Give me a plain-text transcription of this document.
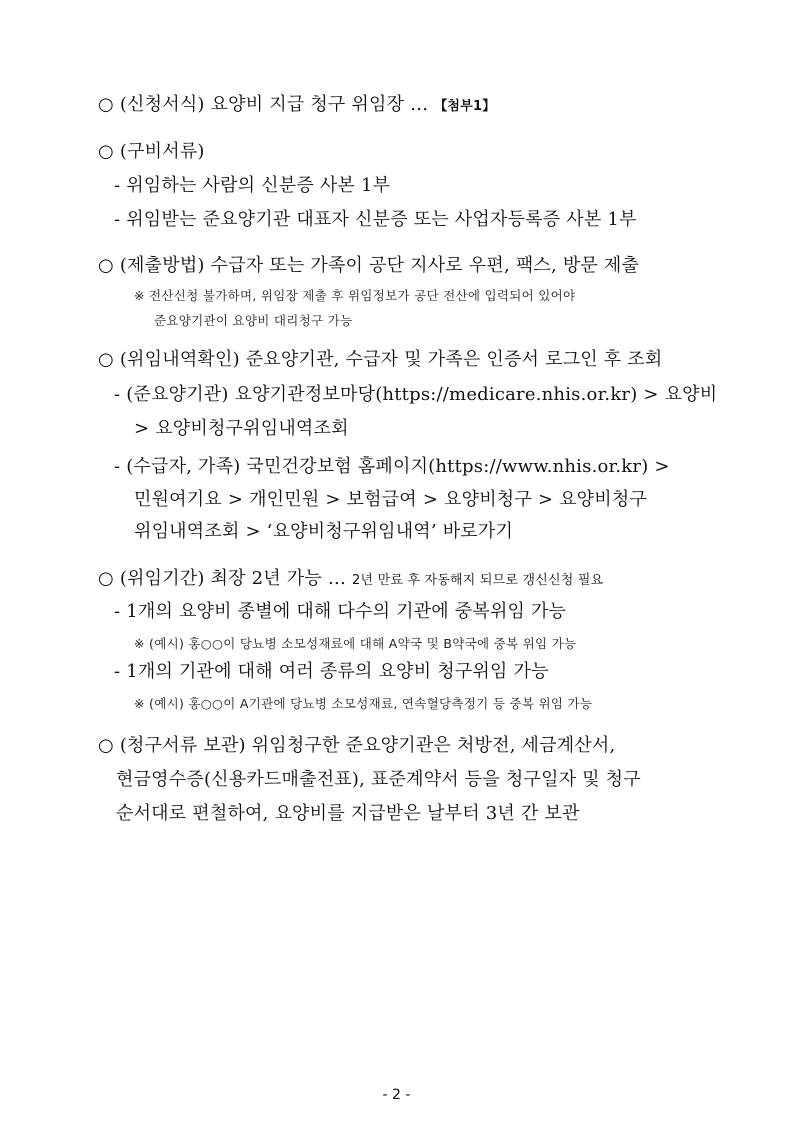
○ (신청서식) 요양비 지급 청구 위임장 … 【첨부1】
○ (구비서류)
- 위임하는 사람의 신분증 사본 1부
- 위임받는 준요양기관 대표자 신분증 또는 사업자등록증 사본 1부
○ (제출방법) 수급자 또는 가족이 공단 지사로 우편, 팩스, 방문 제출
※ 전산신청 불가하며, 위임장 제출 후 위임정보가 공단 전산에 입력되어 있어야
준요양기관이 요양비 대리청구 가능
○ (위임내역확인) 준요양기관, 수급자 및 가족은 인증서 로그인 후 조회
- (준요양기관) 요양기관정보마당(https://medicare.nhis.or.kr) > 요양비
> 요양비청구위임내역조회
- (수급자, 가족) 국민건강보험 홈페이지(https://www.nhis.or.kr) >
민원여기요 > 개인민원 > 보험급여 > 요양비청구 > 요양비청구
위임내역조회 > ‘요양비청구위임내역’ 바로가기
○ (위임기간) 최장 2년 가능 … 2년 만료 후 자동해지 되므로 갱신신청 필요
- 1개의 요양비 종별에 대해 다수의 기관에 중복위임 가능
※ (예시) 홍○○이 당뇨병 소모성재료에 대해 A약국 및 B약국에 중복 위임 가능
- 1개의 기관에 대해 여러 종류의 요양비 청구위임 가능
※ (예시) 홍○○이 A기관에 당뇨병 소모성재료, 연속혈당측정기 등 중복 위임 가능
○ (청구서류 보관) 위임청구한 준요양기관은 처방전, 세금계산서,
현금영수증(신용카드매출전표), 표준계약서 등을 청구일자 및 청구
순서대로 편철하여, 요양비를 지급받은 날부터 3년 간 보관
- 2 -
